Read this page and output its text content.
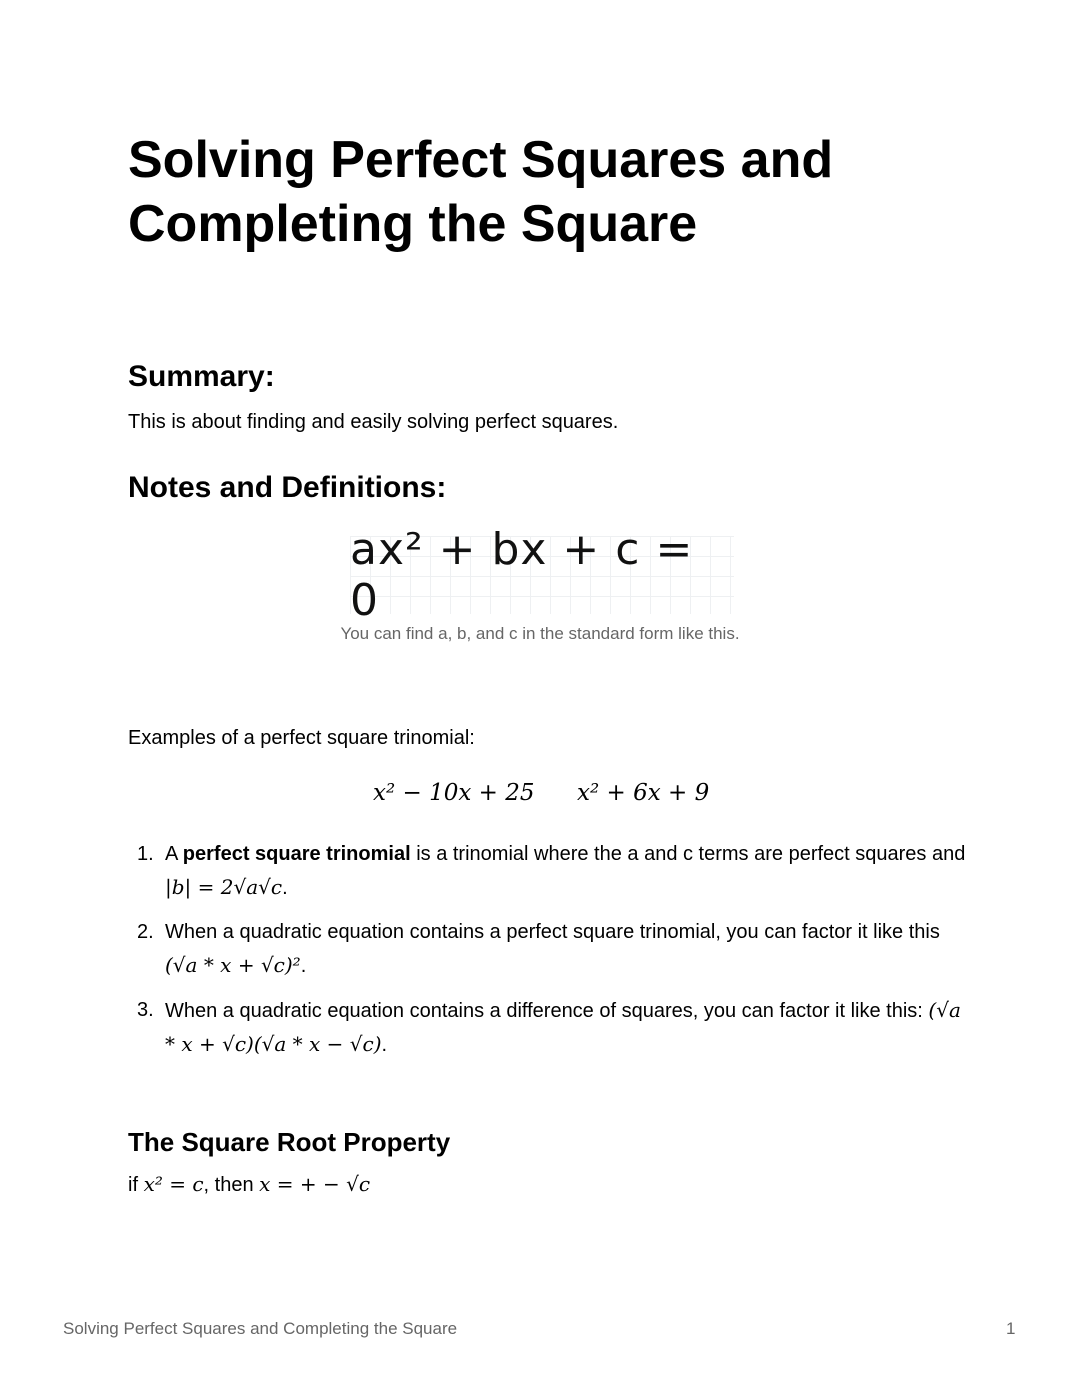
Solving Perfect Squares and Completing the Square
Summary:

This is about finding and easily solving perfect squares.

Notes and Definitions:
ax² + bx + c = 0
You can find a, b, and c in the standard form like this.

Examples of a perfect square trinomial:

x² − 10x + 25 x² + 6x + 9
1. A perfect square trinomial is a trinomial where the a and c terms are perfect squares and |b| = 2√a√c.
2. When a quadratic equation contains a perfect square trinomial, you can factor it like this (√a * x + √c)².
3. When a quadratic equation contains a difference of squares, you can factor it like this: (√a * x + √c)(√a * x − √c).
The Square Root Property

if x² = c, then x = + − √c

Solving Perfect Squares and Completing the Square	1
